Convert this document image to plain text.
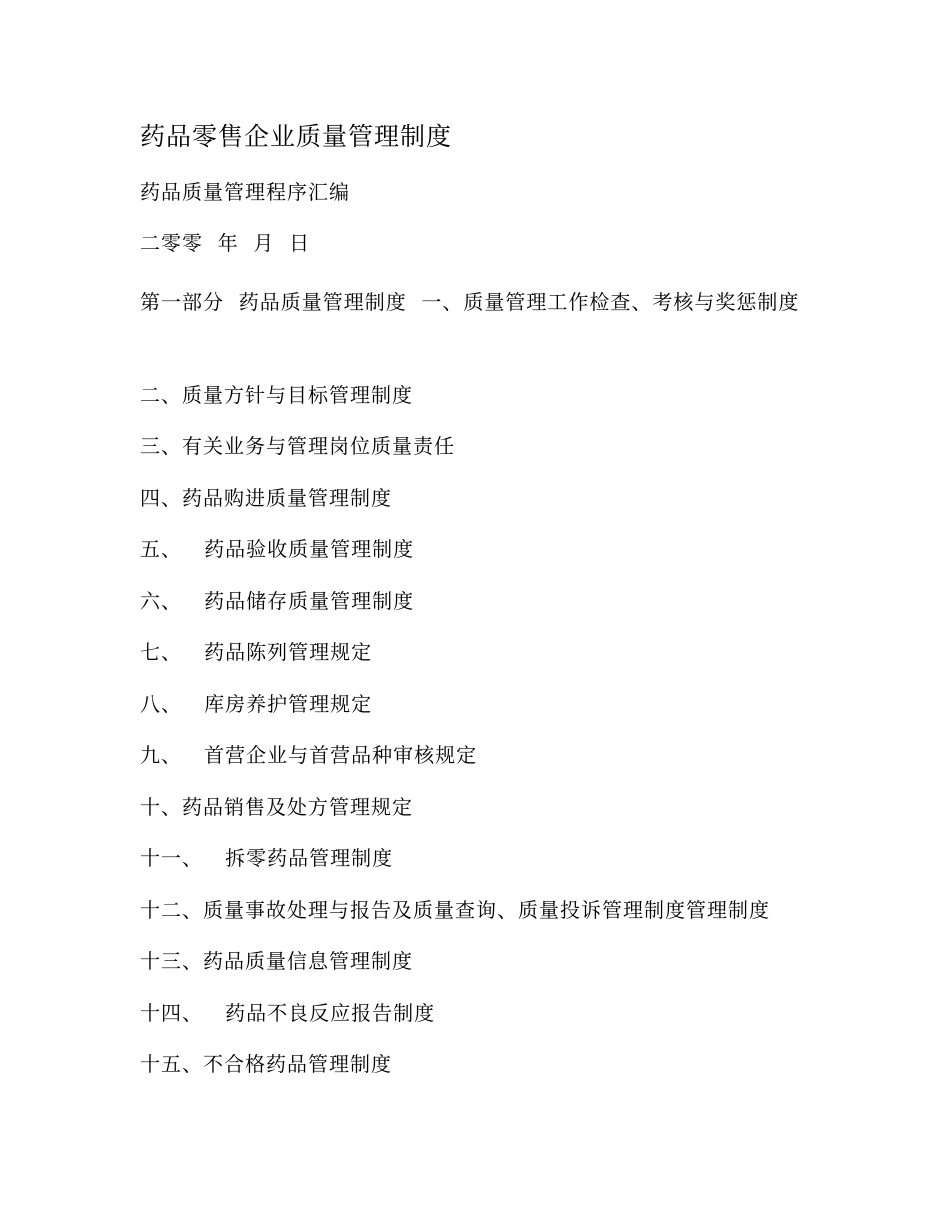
药品零售企业质量管理制度
药品质量管理程序汇编
二零零  年  月  日
第一部分  药品质量管理制度  一、质量管理工作检查、考核与奖惩制度
二、质量方针与目标管理制度
三、有关业务与管理岗位质量责任
四、药品购进质量管理制度
五、   药品验收质量管理制度
六、   药品储存质量管理制度
七、   药品陈列管理规定
八、   库房养护管理规定
九、   首营企业与首营品种审核规定
十、药品销售及处方管理规定
十一、   拆零药品管理制度
十二、质量事故处理与报告及质量查询、质量投诉管理制度管理制度
十三、药品质量信息管理制度
十四、   药品不良反应报告制度
十五、不合格药品管理制度
